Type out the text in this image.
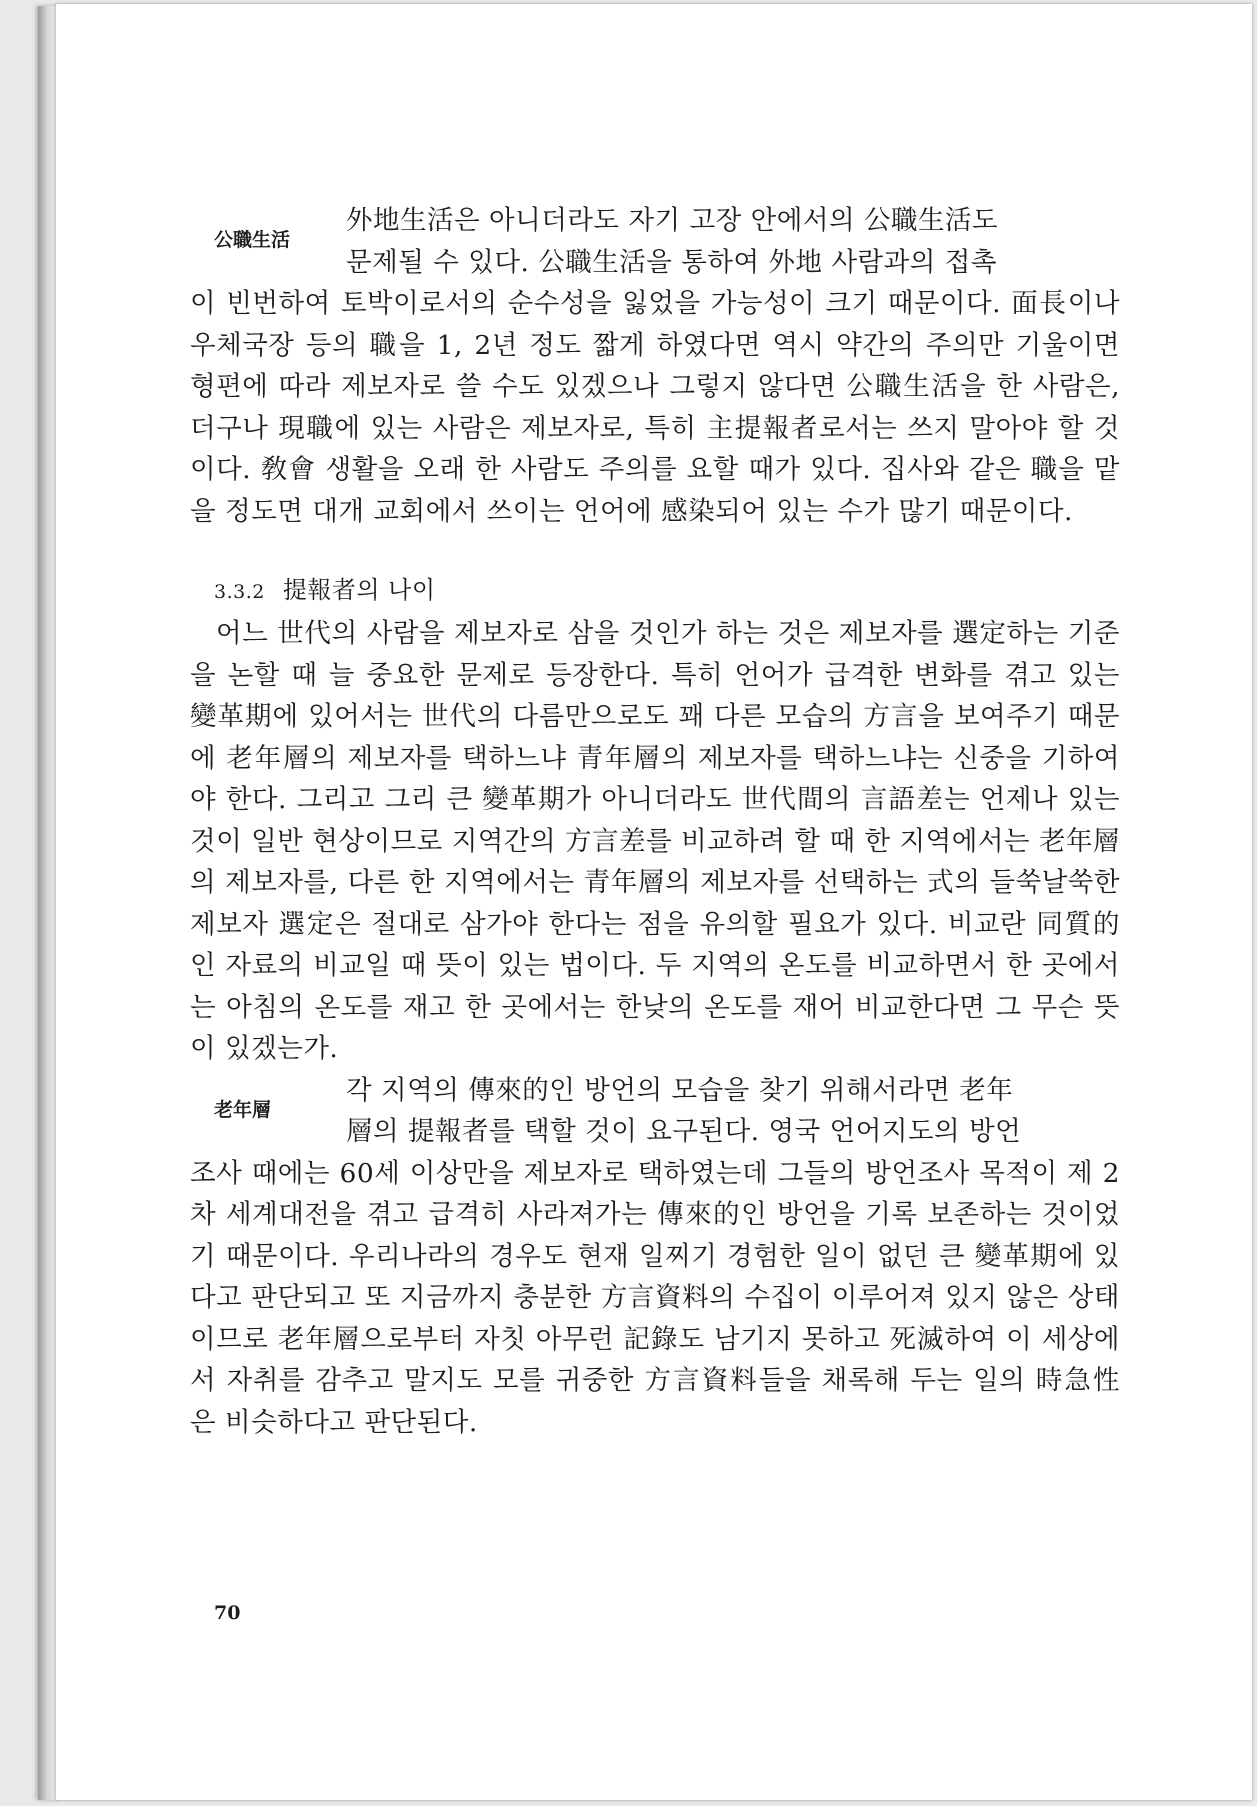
公職生活

外地生活은 아니더라도 자기 고장 안에서의 公職生活도

문제될 수 있다. 公職生活을 통하여 外地 사람과의 접촉

이 빈번하여 토박이로서의 순수성을 잃었을 가능성이 크기 때문이다. 面長이나 우체국장 등의 職을 1, 2년 정도 짧게 하였다면 역시 약간의 주의만 기울이면 형편에 따라 제보자로 쓸 수도 있겠으나 그렇지 않다면 公職生活을 한 사람은, 더구나 現職에 있는 사람은 제보자로, 특히 主提報者로서는 쓰지 말아야 할 것이다. 敎會 생활을 오래 한 사람도 주의를 요할 때가 있다. 집사와 같은 職을 맡을 정도면 대개 교회에서 쓰이는 언어에 感染되어 있는 수가 많기 때문이다.

3.3.2 提報者의 나이

어느 世代의 사람을 제보자로 삼을 것인가 하는 것은 제보자를 選定하는 기준을 논할 때 늘 중요한 문제로 등장한다. 특히 언어가 급격한 변화를 겪고 있는 變革期에 있어서는 世代의 다름만으로도 꽤 다른 모습의 方言을 보여주기 때문에 老年層의 제보자를 택하느냐 青年層의 제보자를 택하느냐는 신중을 기하여야 한다. 그리고 그리 큰 變革期가 아니더라도 世代間의 言語差는 언제나 있는 것이 일반 현상이므로 지역간의 方言差를 비교하려 할 때 한 지역에서는 老年層의 제보자를, 다른 한 지역에서는 青年層의 제보자를 선택하는 式의 들쑥날쑥한 제보자 選定은 절대로 삼가야 한다는 점을 유의할 필요가 있다. 비교란 同質的인 자료의 비교일 때 뜻이 있는 법이다. 두 지역의 온도를 비교하면서 한 곳에서는 아침의 온도를 재고 한 곳에서는 한낮의 온도를 재어 비교한다면 그 무슨 뜻이 있겠는가.

老年層

각 지역의 傳來的인 방언의 모습을 찾기 위해서라면 老年

層의 提報者를 택할 것이 요구된다. 영국 언어지도의 방언

조사 때에는 60세 이상만을 제보자로 택하였는데 그들의 방언조사 목적이 제 2차 세계대전을 겪고 급격히 사라져가는 傳來的인 방언을 기록 보존하는 것이었기 때문이다. 우리나라의 경우도 현재 일찌기 경험한 일이 없던 큰 變革期에 있다고 판단되고 또 지금까지 충분한 方言資料의 수집이 이루어져 있지 않은 상태이므로 老年層으로부터 자칫 아무런 記錄도 남기지 못하고 死滅하여 이 세상에서 자취를 감추고 말지도 모를 귀중한 方言資料들을 채록해 두는 일의 時急性은 비슷하다고 판단된다.

70
